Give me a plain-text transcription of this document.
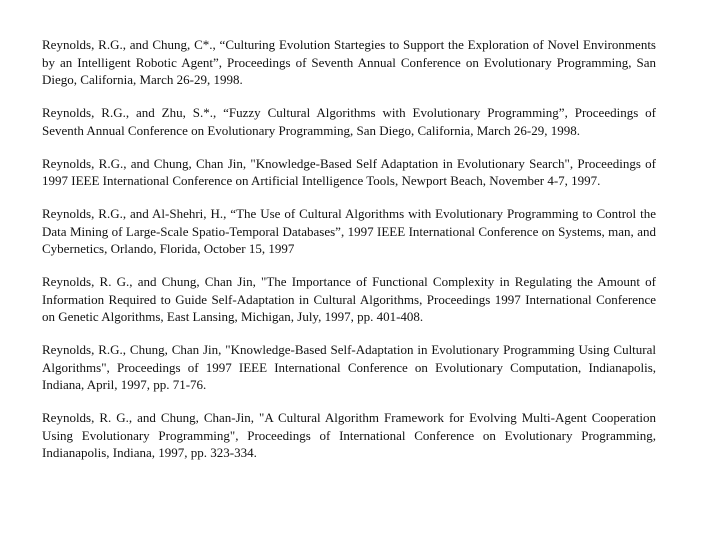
Reynolds, R.G., and Chung, C*., “Culturing Evolution Startegies to Support the Exploration of Novel Environments by an Intelligent Robotic Agent”, Proceedings of Seventh Annual Conference on Evolutionary Programming, San Diego, California, March 26-29, 1998.

Reynolds, R.G., and Zhu, S.*., “Fuzzy Cultural Algorithms with Evolutionary Programming”, Proceedings of Seventh Annual Conference on Evolutionary Programming, San Diego, California, March 26-29, 1998.

Reynolds, R.G., and Chung, Chan Jin, "Knowledge-Based Self Adaptation in Evolutionary Search", Proceedings of 1997 IEEE International Conference on Artificial Intelligence Tools, Newport Beach, November 4-7, 1997.

Reynolds, R.G., and Al-Shehri, H., “The Use of Cultural Algorithms with Evolutionary Programming to Control the Data Mining of Large-Scale Spatio-Temporal Databases”, 1997 IEEE International Conference on Systems, man, and Cybernetics, Orlando, Florida, October 15, 1997

Reynolds, R. G., and Chung, Chan Jin, "The Importance of Functional Complexity in Regulating the Amount of Information Required to Guide Self-Adaptation in Cultural Algorithms, Proceedings 1997 International Conference on Genetic Algorithms, East Lansing, Michigan, July, 1997, pp. 401-408.

Reynolds, R.G., Chung, Chan Jin, "Knowledge-Based Self-Adaptation in Evolutionary Programming Using Cultural Algorithms", Proceedings of 1997 IEEE International Conference on Evolutionary Computation, Indianapolis, Indiana, April, 1997, pp. 71-76.

Reynolds, R. G., and Chung, Chan-Jin, "A Cultural Algorithm Framework for Evolving Multi-Agent Cooperation Using Evolutionary Programming", Proceedings of International Conference on Evolutionary Programming, Indianapolis, Indiana, 1997, pp. 323-334.
